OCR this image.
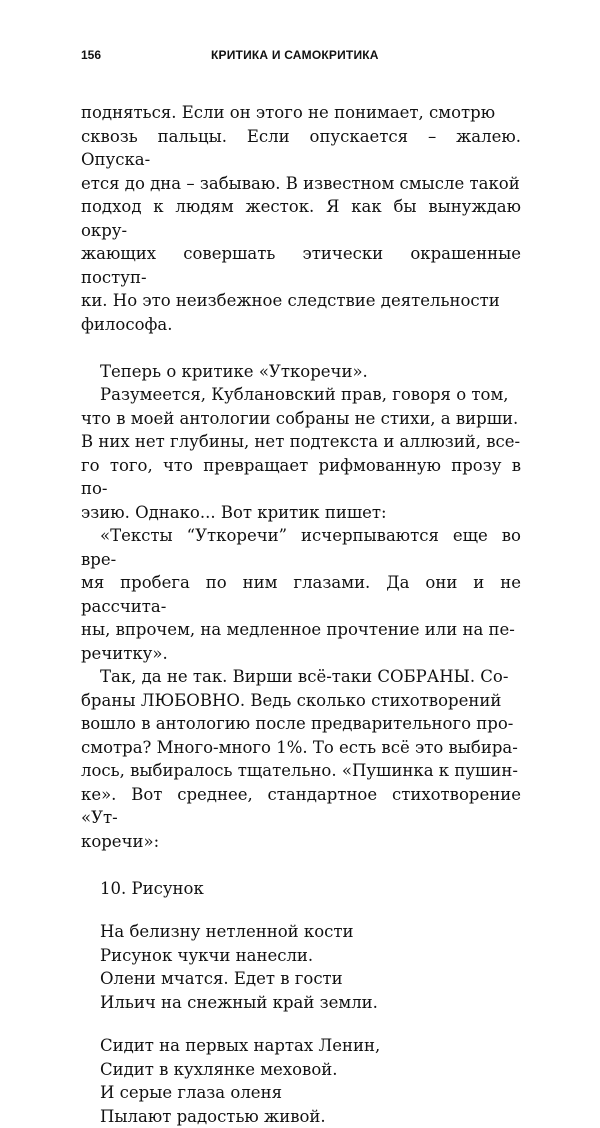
156	КРИТИКА И САМОКРИТИКА

подняться. Если он этого не понимает, смотрю
сквозь пальцы. Если опускается – жалею. Опуска-
ется до дна – забываю. В известном смысле такой
подход к людям жесток. Я как бы вынуждаю окру-
жающих совершать этически окрашенные поступ-
ки. Но это неизбежное следствие деятельности
философа.

Теперь о критике «Уткоречи».

Разумеется, Кублановский прав, говоря о том,
что в моей антологии собраны не стихи, а вирши.
В них нет глубины, нет подтекста и аллюзий, все-
го того, что превращает рифмованную прозу в по-
эзию. Однако... Вот критик пишет:

«Тексты “Уткоречи” исчерпываются еще во вре-
мя пробега по ним глазами. Да они и не рассчита-
ны, впрочем, на медленное прочтение или на пе-
речитку».

Так, да не так. Вирши всё-таки СОБРАНЫ. Со-
браны ЛЮБОВНО. Ведь сколько стихотворений
вошло в антологию после предварительного про-
смотра? Много-много 1%. То есть всё это выбира-
лось, выбиралось тщательно. «Пушинка к пушин-
ке». Вот среднее, стандартное стихотворение «Ут-
коречи»:

10. Рисунок

На белизну нетленной кости
Рисунок чукчи нанесли.
Олени мчатся. Едет в гости
Ильич на снежный край земли.

Сидит на первых нартах Ленин,
Сидит в кухлянке меховой.
И серые глаза оленя
Пылают радостью живой.
